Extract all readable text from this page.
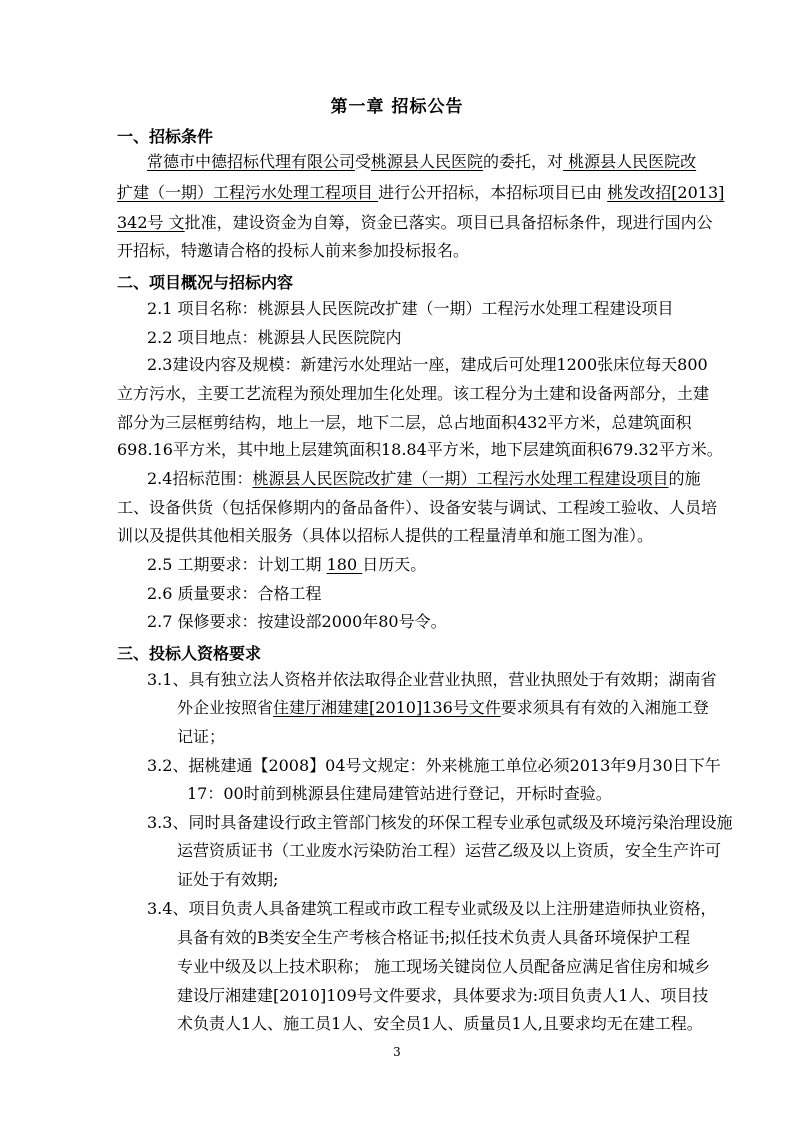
第一章 招标公告
一、招标条件
常德市中德招标代理有限公司受桃源县人民医院的委托，对 桃源县人民医院改
扩建（一期）工程污水处理工程项目 进行公开招标，本招标项目已由 桃发改招[2013]
342号 文批准，建设资金为自筹，资金已落实。项目已具备招标条件，现进行国内公
开招标，特邀请合格的投标人前来参加投标报名。
二、项目概况与招标内容
2.1 项目名称：桃源县人民医院改扩建（一期）工程污水处理工程建设项目
2.2 项目地点：桃源县人民医院院内
2.3建设内容及规模：新建污水处理站一座，建成后可处理1200张床位每天800
立方污水，主要工艺流程为预处理加生化处理。该工程分为土建和设备两部分，土建
部分为三层框剪结构，地上一层，地下二层，总占地面积432平方米，总建筑面积
698.16平方米，其中地上层建筑面积18.84平方米，地下层建筑面积679.32平方米。
2.4招标范围：桃源县人民医院改扩建（一期）工程污水处理工程建设项目的施
工、设备供货（包括保修期内的备品备件）、设备安装与调试、工程竣工验收、人员培
训以及提供其他相关服务（具体以招标人提供的工程量清单和施工图为准）。
2.5 工期要求：计划工期 180 日历天。
2.6 质量要求：合格工程
2.7 保修要求：按建设部2000年80号令。
三、投标人资格要求
3.1、具有独立法人资格并依法取得企业营业执照，营业执照处于有效期；湖南省
外企业按照省住建厅湘建建[2010]136号文件要求须具有有效的入湘施工登
记证；
3.2、据桃建通【2008】04号文规定：外来桃施工单位必须2013年9月30日下午
17：00时前到桃源县住建局建管站进行登记，开标时查验。
3.3、同时具备建设行政主管部门核发的环保工程专业承包贰级及环境污染治理设施
运营资质证书（工业废水污染防治工程）运营乙级及以上资质，安全生产许可
证处于有效期;
3.4、项目负责人具备建筑工程或市政工程专业贰级及以上注册建造师执业资格，
具备有效的B类安全生产考核合格证书;拟任技术负责人具备环境保护工程
专业中级及以上技术职称； 施工现场关键岗位人员配备应满足省住房和城乡
建设厅湘建建[2010]109号文件要求，具体要求为:项目负责人1人、项目技
术负责人1人、施工员1人、安全员1人、质量员1人,且要求均无在建工程。
3
